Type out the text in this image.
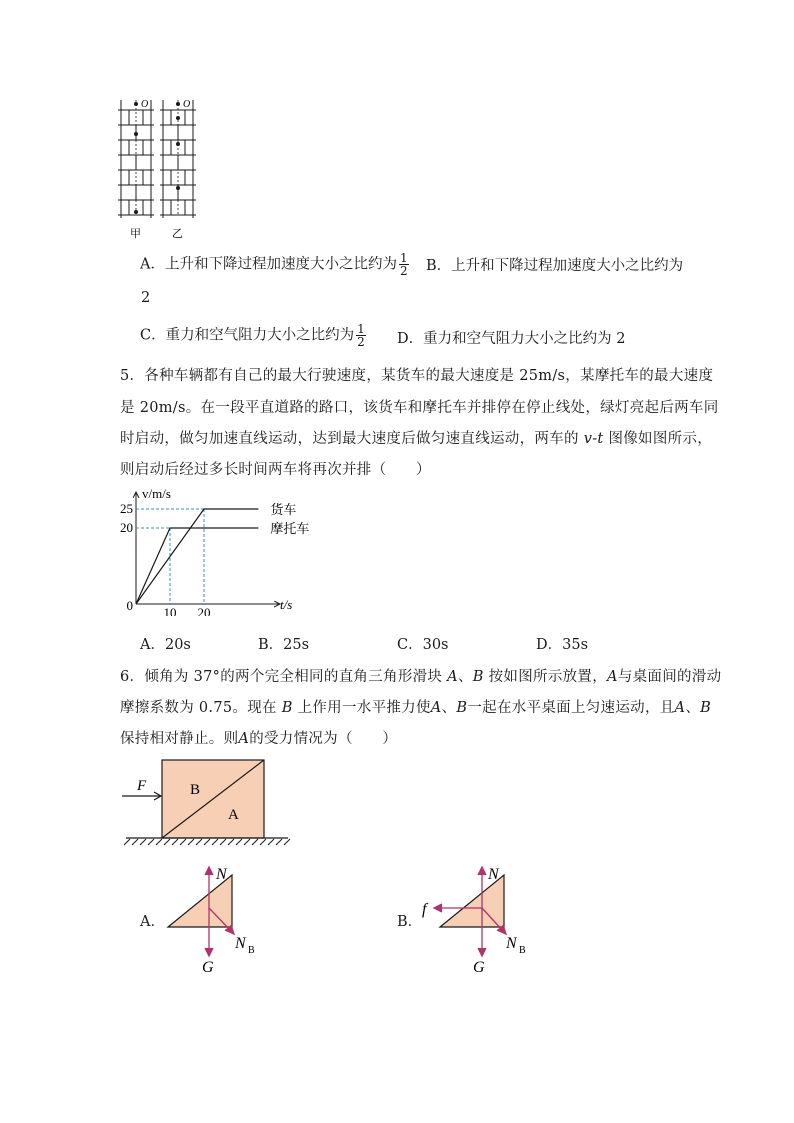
O	O
甲	乙
A．上升和下降过程加速度大小之比约为 $\frac{1}{2}$ B．上升和下降过程加速度大小之比约为
2
C．重力和空气阻力大小之比约为 $\frac{1}{2}$ D．重力和空气阻力大小之比约为 2
5．各种车辆都有自己的最大行驶速度，某货车的最大速度是 25m/s，某摩托车的最大速度
是 20m/s。在一段平直道路的路口，该货车和摩托车并排停在停止线处，绿灯亮起后两车同
时启动，做匀加速直线运动，达到最大速度后做匀速直线运动，两车的 v-t 图像如图所示，
则启动后经过多长时间两车将再次并排（　　）
货车
摩托车
20
25
10 20
0	t/s
v/m/s
A．20s	B．25s	C．30s	D．35s
6．倾角为 37°的两个完全相同的直角三角形滑块 A、B 按如图所示放置，A与桌面间的滑动
摩擦系数为 0.75。现在 B 上作用一水平推力使A、B一起在水平桌面上匀速运动，且A、B
保持相对静止。则A的受力情况为（　　）
F	B
A
A．
N
N B
G
B．
N
f
N B
G
